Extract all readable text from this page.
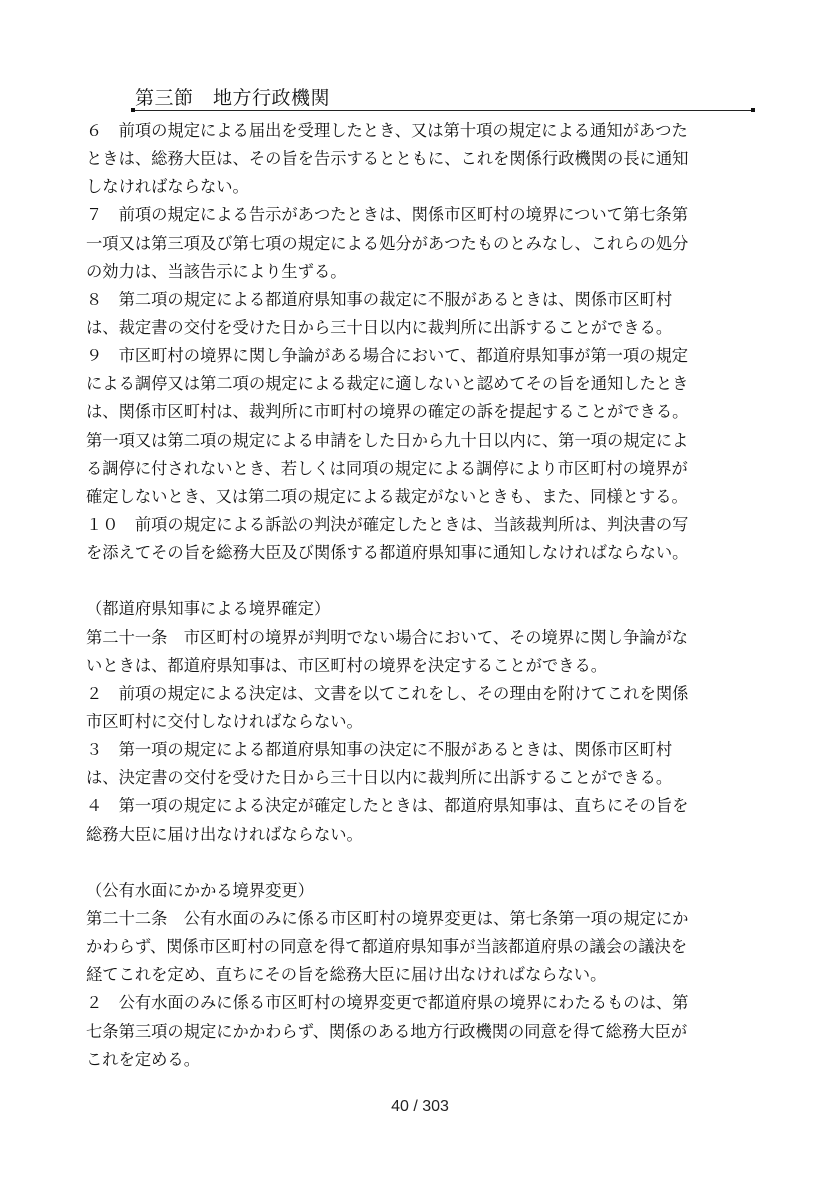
第三節　地方行政機関
６　前項の規定による届出を受理したとき、又は第十項の規定による通知があつた
ときは、総務大臣は、その旨を告示するとともに、これを関係行政機関の長に通知
しなければならない。
７　前項の規定による告示があつたときは、関係市区町村の境界について第七条第
一項又は第三項及び第七項の規定による処分があつたものとみなし、これらの処分
の効力は、当該告示により生ずる。
８　第二項の規定による都道府県知事の裁定に不服があるときは、関係市区町村
は、裁定書の交付を受けた日から三十日以内に裁判所に出訴することができる。
９　市区町村の境界に関し争論がある場合において、都道府県知事が第一項の規定
による調停又は第二項の規定による裁定に適しないと認めてその旨を通知したとき
は、関係市区町村は、裁判所に市町村の境界の確定の訴を提起することができる。
第一項又は第二項の規定による申請をした日から九十日以内に、第一項の規定によ
る調停に付されないとき、若しくは同項の規定による調停により市区町村の境界が
確定しないとき、又は第二項の規定による裁定がないときも、また、同様とする。
１０　前項の規定による訴訟の判決が確定したときは、当該裁判所は、判決書の写
を添えてその旨を総務大臣及び関係する都道府県知事に通知しなければならない。
（都道府県知事による境界確定）
第二十一条　市区町村の境界が判明でない場合において、その境界に関し争論がな
いときは、都道府県知事は、市区町村の境界を決定することができる。
２　前項の規定による決定は、文書を以てこれをし、その理由を附けてこれを関係
市区町村に交付しなければならない。
３　第一項の規定による都道府県知事の決定に不服があるときは、関係市区町村
は、決定書の交付を受けた日から三十日以内に裁判所に出訴することができる。
４　第一項の規定による決定が確定したときは、都道府県知事は、直ちにその旨を
総務大臣に届け出なければならない。
（公有水面にかかる境界変更）
第二十二条　公有水面のみに係る市区町村の境界変更は、第七条第一項の規定にか
かわらず、関係市区町村の同意を得て都道府県知事が当該都道府県の議会の議決を
経てこれを定め、直ちにその旨を総務大臣に届け出なければならない。
２　公有水面のみに係る市区町村の境界変更で都道府県の境界にわたるものは、第
七条第三項の規定にかかわらず、関係のある地方行政機関の同意を得て総務大臣が
これを定める。
40 / 303
